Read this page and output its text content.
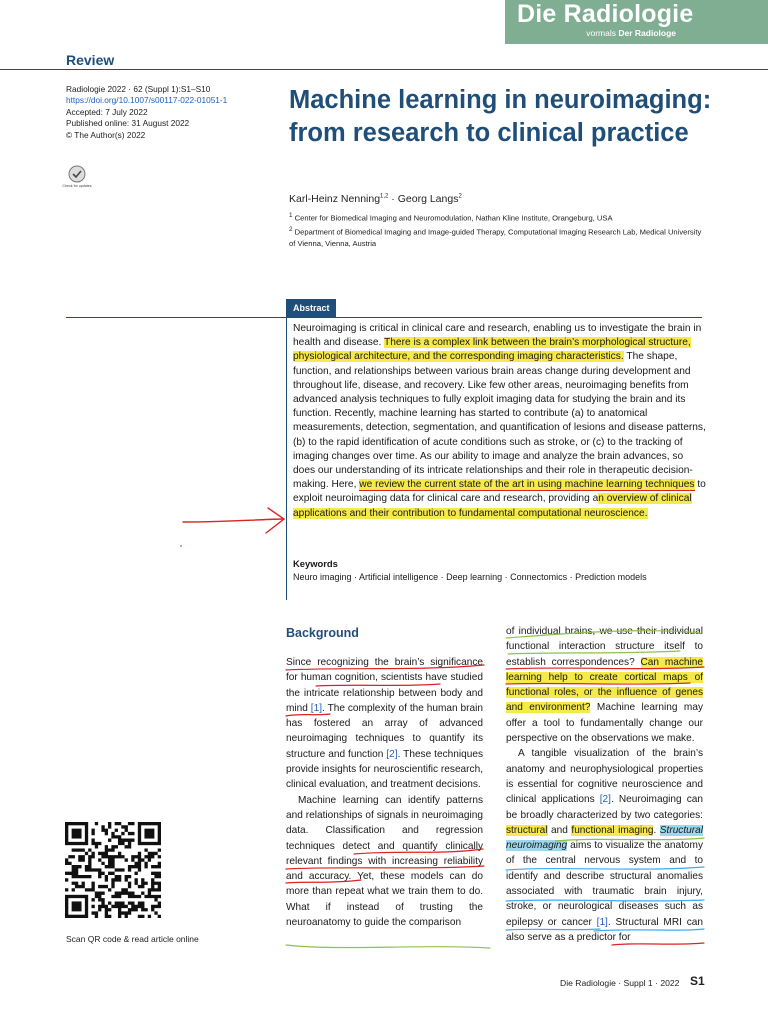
Die Radiologie
vormals Der Radiologe
Review
Radiologie 2022 · 62 (Suppl 1):S1–S10
https://doi.org/10.1007/s00117-022-01051-1
Accepted: 7 July 2022
Published online: 31 August 2022
© The Author(s) 2022
Check for updates
Machine learning in neuroimaging: from research to clinical practice
Karl-Heinz Nenning$^{1,2}$ · Georg Langs$^2$
$^1$ Center for Biomedical Imaging and Neuromodulation, Nathan Kline Institute, Orangeburg, USA
$^2$ Department of Biomedical Imaging and Image-guided Therapy, Computational Imaging Research Lab, Medical University of Vienna, Vienna, Austria
Abstract
Neuroimaging is critical in clinical care and research, enabling us to investigate the brain in health and disease. There is a complex link between the brain’s morphological structure, physiological architecture, and the corresponding imaging characteristics. The shape, function, and relationships between various brain areas change during development and throughout life, disease, and recovery. Like few other areas, neuroimaging benefits from advanced analysis techniques to fully exploit imaging data for studying the brain and its function. Recently, machine learning has started to contribute (a) to anatomical measurements, detection, segmentation, and quantification of lesions and disease patterns, (b) to the rapid identification of acute conditions such as stroke, or (c) to the tracking of imaging changes over time. As our ability to image and analyze the brain advances, so does our understanding of its intricate relationships and their role in therapeutic decision-making. Here, we review the current state of the art in using machine learning techniques to exploit neuroimaging data for clinical care and research, providing an overview of clinical applications and their contribution to fundamental computational neuroscience.
Keywords
Neuro imaging · Artificial intelligence · Deep learning · Connectomics · Prediction models
Background

Since recognizing the brain’s significance for human cognition, scientists have studied the intricate relationship between body and mind [1]. The complexity of the human brain has fostered an array of advanced neuroimaging techniques to quantify its structure and function [2]. These techniques provide insights for neuroscientific research, clinical evaluation, and treatment decisions.

Machine learning can identify patterns and relationships of signals in neuroimaging data. Classification and regression techniques detect and quantify clinically relevant findings with increasing reliability and accuracy. Yet, these models can do more than repeat what we train them to do. What if instead of trusting the neuroanatomy to guide the comparison

of individual brains, we use their individual functional interaction structure itself to establish correspondences? Can machine learning help to create cortical maps of functional roles, or the influence of genes and environment? Machine learning may offer a tool to fundamentally change our perspective on the observations we make.

A tangible visualization of the brain’s anatomy and neurophysiological properties is essential for cognitive neuroscience and clinical applications [2]. Neuroimaging can be broadly characterized by two categories: structural and functional imaging. Structural neuroimaging aims to visualize the anatomy of the central nervous system and to identify and describe structural anomalies associated with traumatic brain injury, stroke, or neurological diseases such as epilepsy or cancer [1]. Structural MRI can also serve as a predictor for

Scan QR code & read article online
Die Radiologie · Suppl 1 · 2022 S1
